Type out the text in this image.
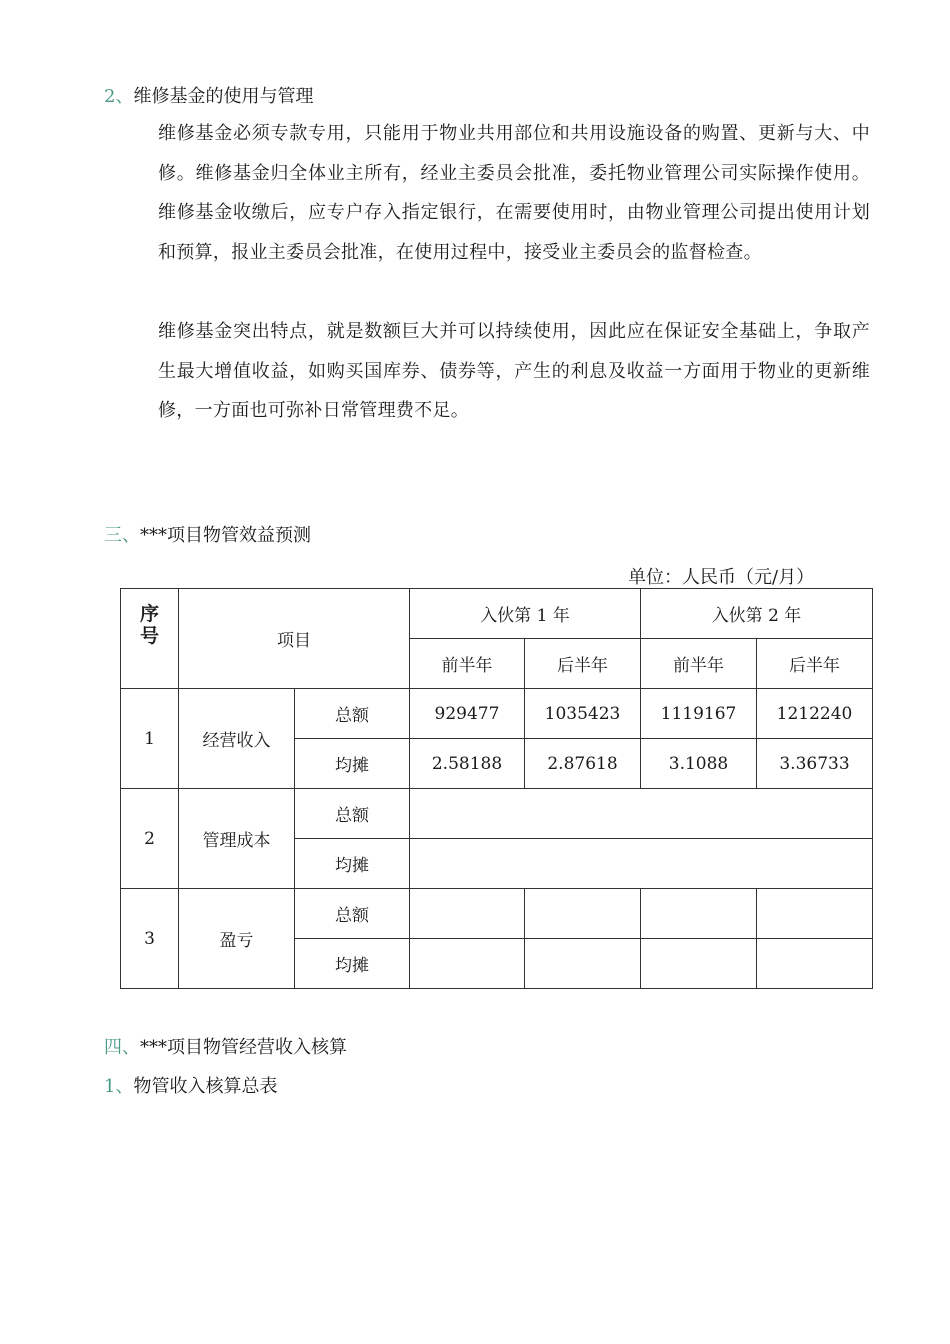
2、维修基金的使用与管理
维修基金必须专款专用，只能用于物业共用部位和共用设施设备的购置、更新与大、中修。维修基金归全体业主所有，经业主委员会批准，委托物业管理公司实际操作使用。维修基金收缴后，应专户存入指定银行，在需要使用时，由物业管理公司提出使用计划和预算，报业主委员会批准，在使用过程中，接受业主委员会的监督检查。
维修基金突出特点，就是数额巨大并可以持续使用，因此应在保证安全基础上，争取产生最大增值收益，如购买国库券、债券等，产生的利息及收益一方面用于物业的更新维修，一方面也可弥补日常管理费不足。
三、***项目物管效益预测
单位：人民币（元/月）
序号	项目		入伙第 1 年		入伙第 2 年	
			前半年	后半年	前半年	后半年
1	经营收入	总额	929477	1035423	1119167	1212240
		均摊	2.58188	2.87618	3.1088	3.36733
2	管理成本	总额				
		均摊				
3	盈亏	总额				
		均摊				
四、***项目物管经营收入核算
1、物管收入核算总表
